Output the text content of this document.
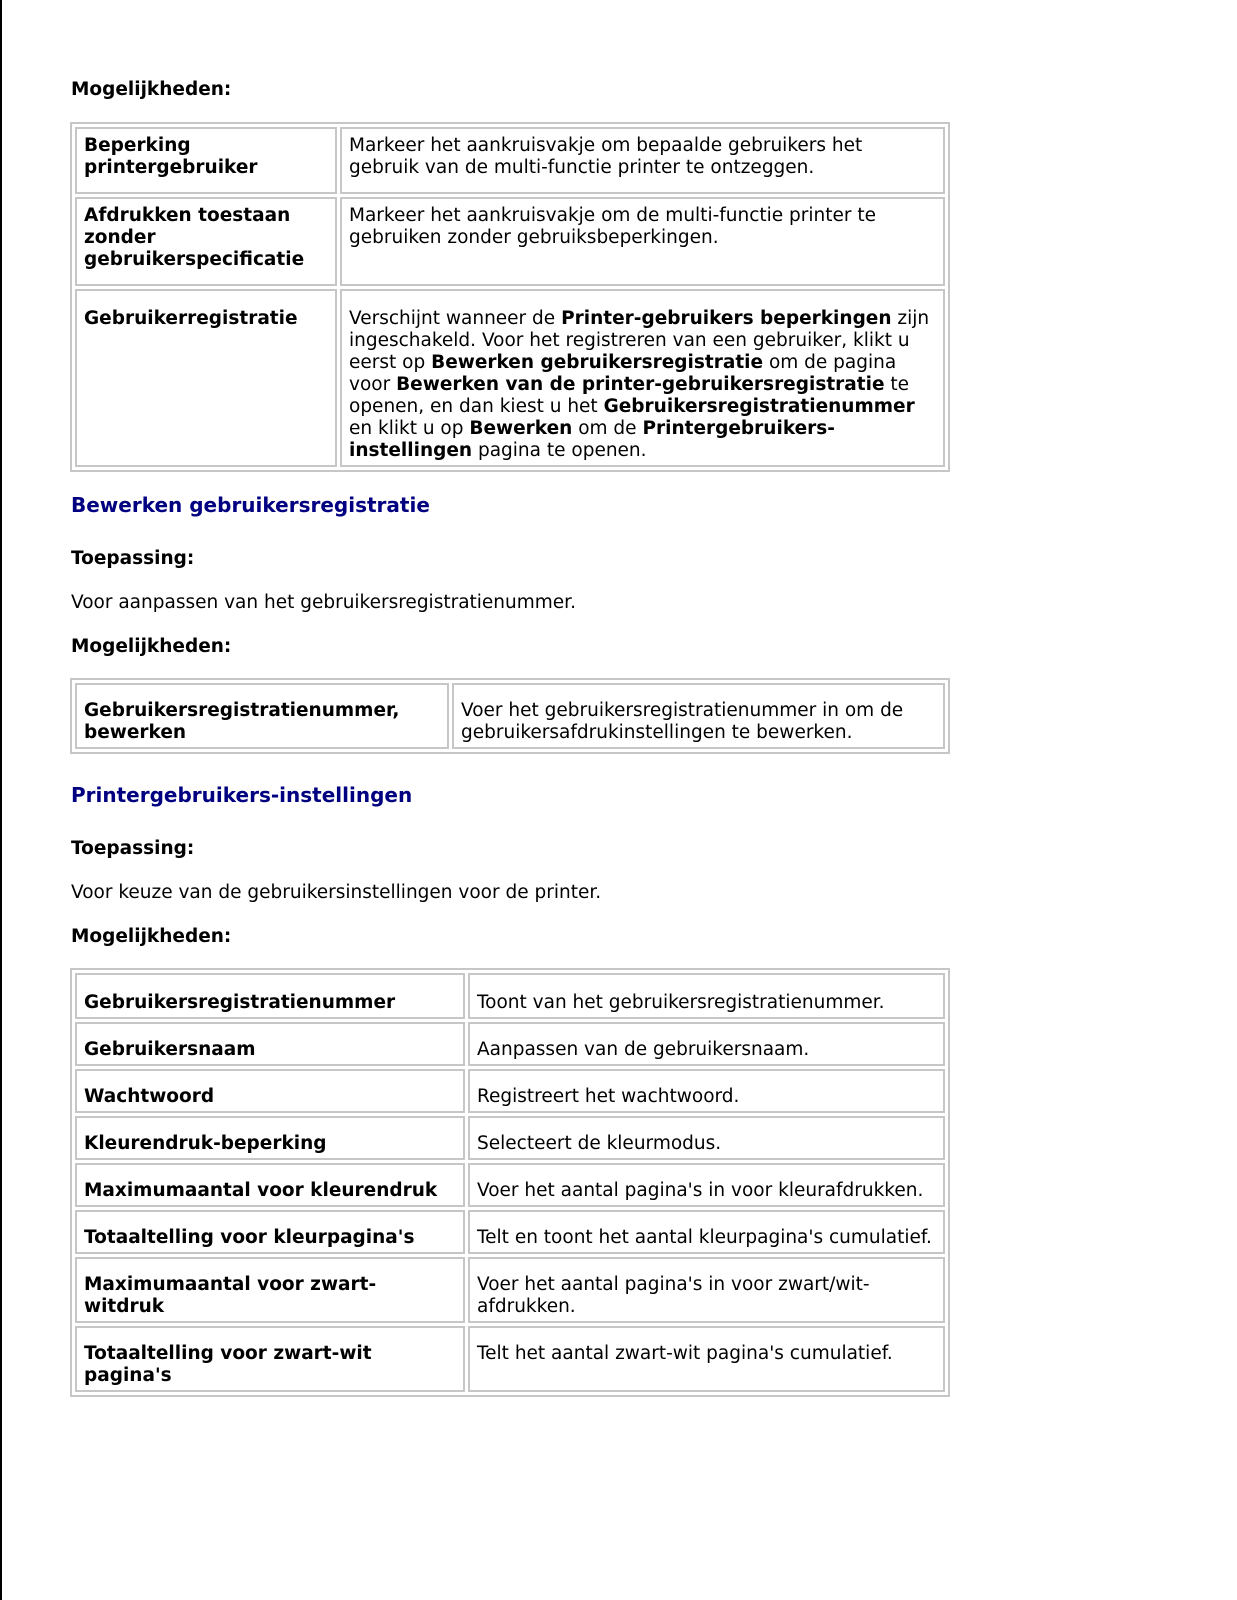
Mogelijkheden:

Beperking printergebruiker	Markeer het aankruisvakje om bepaalde gebruikers het gebruik van de multi-functie printer te ontzeggen.
Afdrukken toestaan zonder gebruikerspecificatie	Markeer het aankruisvakje om de multi-functie printer te gebruiken zonder gebruiksbeperkingen.
Gebruikerregistratie	Verschijnt wanneer de Printer-gebruikers beperkingen zijn ingeschakeld. Voor het registreren van een gebruiker, klikt u eerst op Bewerken gebruikersregistratie om de pagina voor Bewerken van de printer-gebruikersregistratie te openen, en dan kiest u het Gebruikersregistratienummer en klikt u op Bewerken om de Printergebruikers-instellingen pagina te openen.
Bewerken gebruikersregistratie

Toepassing:

Voor aanpassen van het gebruikersregistratienummer.

Mogelijkheden:

Gebruikersregistratienummer, bewerken	Voer het gebruikersregistratienummer in om de gebruikersafdrukinstellingen te bewerken.
Printergebruikers-instellingen

Toepassing:

Voor keuze van de gebruikersinstellingen voor de printer.

Mogelijkheden:

Gebruikersregistratienummer	Toont van het gebruikersregistratienummer.
Gebruikersnaam	Aanpassen van de gebruikersnaam.
Wachtwoord	Registreert het wachtwoord.
Kleurendruk-beperking	Selecteert de kleurmodus.
Maximumaantal voor kleurendruk	Voer het aantal pagina's in voor kleurafdrukken.
Totaaltelling voor kleurpagina's	Telt en toont het aantal kleurpagina's cumulatief.
Maximumaantal voor zwart-witdruk	Voer het aantal pagina's in voor zwart/wit-afdrukken.
Totaaltelling voor zwart-wit pagina's	Telt het aantal zwart-wit pagina's cumulatief.
